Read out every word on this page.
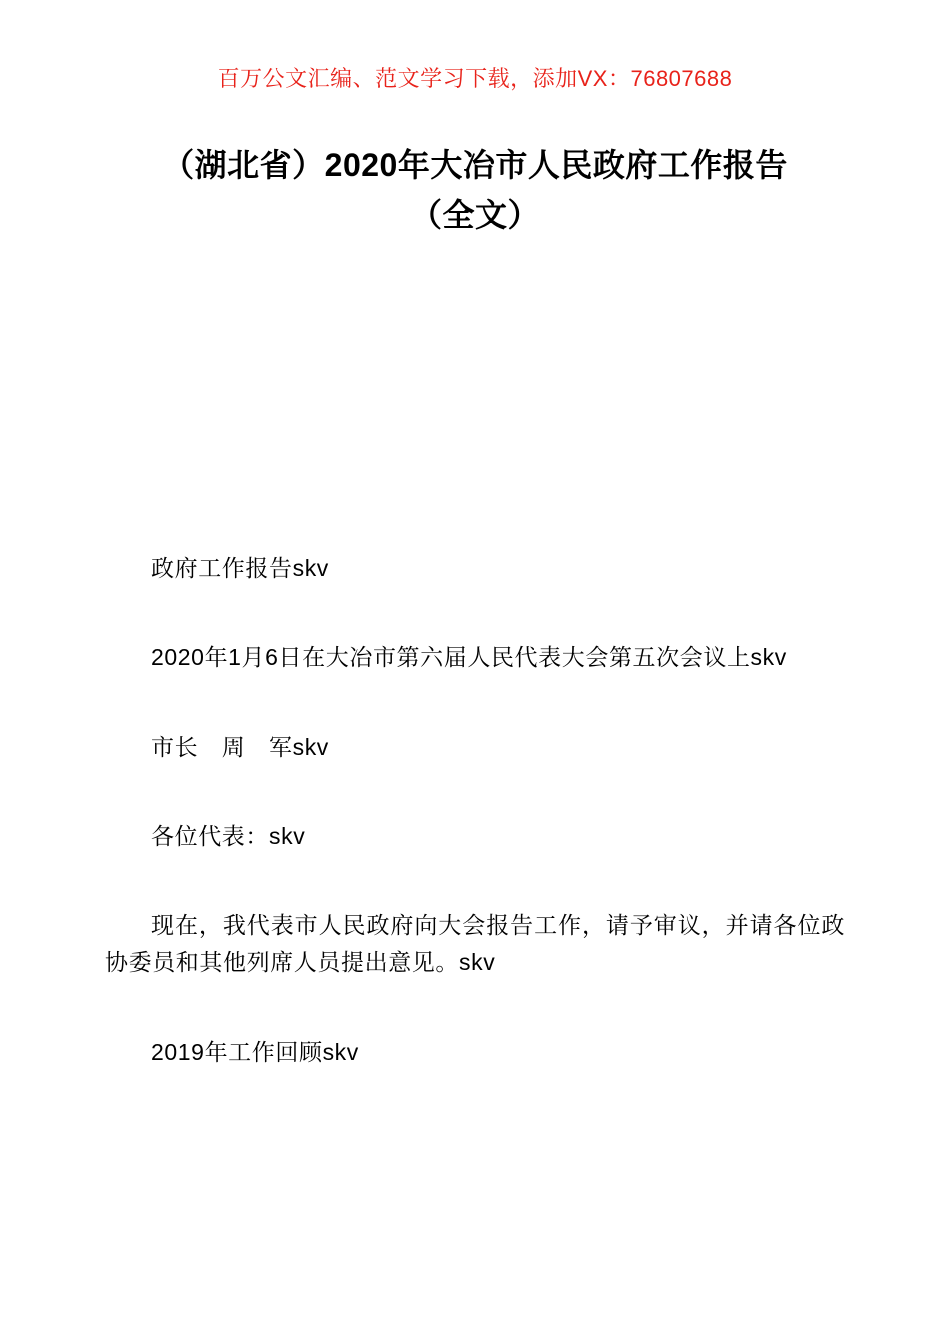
百万公文汇编、范文学习下载，添加VX：76807688
（湖北省）2020年大冶市人民政府工作报告（全文）

政府工作报告skv

2020年1月6日在大冶市第六届人民代表大会第五次会议上skv

市长　周　军skv

各位代表：skv

现在，我代表市人民政府向大会报告工作，请予审议，并请各位政协委员和其他列席人员提出意见。skv

2019年工作回顾skv
